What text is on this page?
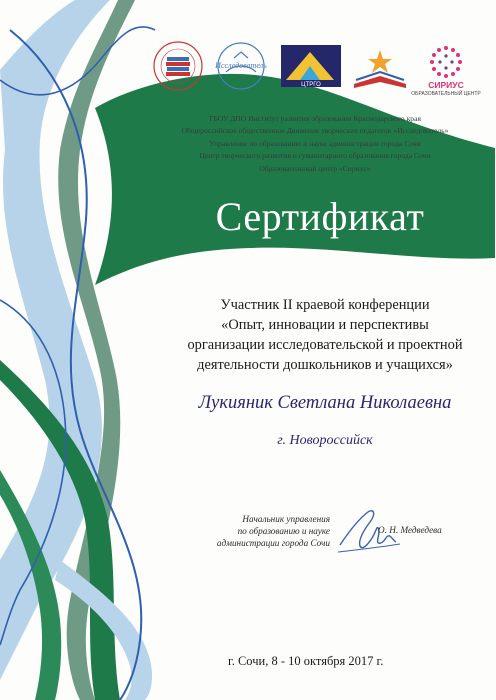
Исследователь
ЦТРГО	СИРИУС
ОБРАЗОВАТЕЛЬНЫЙ ЦЕНТР
ГБОУ ДПО Институт развития образования Краснодарского края
Общероссийское общественное Движение творческих педагогов «Исследователь»
Управление по образованию и науке администрации города Сочи
Центр творческого развития и гуманитарного образования города Сочи
Образовательный центр «Сириус»
Сертификат
Участник II краевой конференции
«Опыт, инновации и перспективы
организации исследовательской и проектной
деятельности дошкольников и учащихся»
Лукияник Светлана Николаевна
г. Новороссийск
Начальник управления
по образованию и науке
администрации города Сочи
О. Н. Медведева
г. Сочи, 8 - 10 октября 2017 г.
